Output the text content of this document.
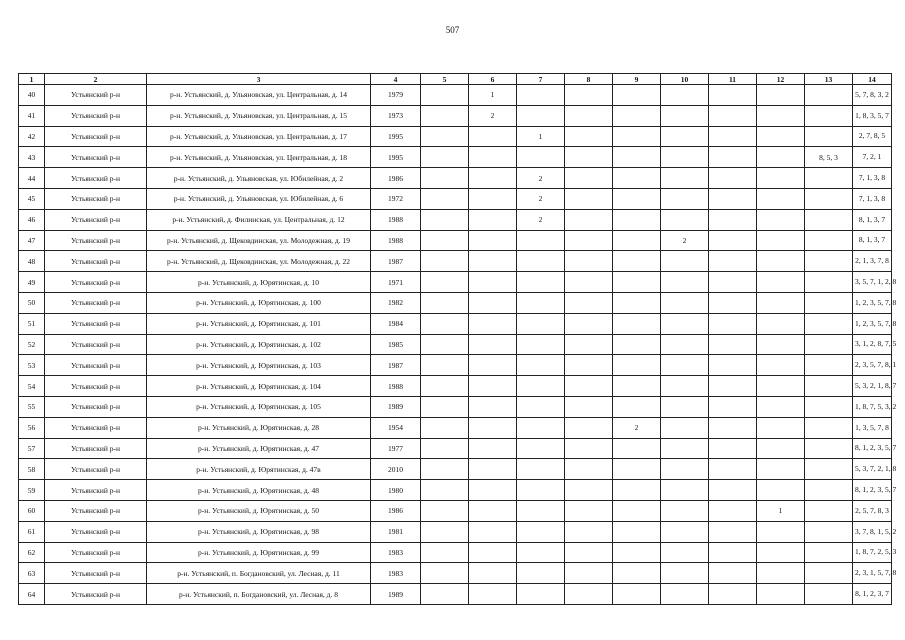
507
1	2	3	4	5	6	7	8	9	10	11	12	13	14
40	Устьянский р-н	р-н. Устьянский, д. Ульяновская, ул. Центральная, д. 14	1979		1								5, 7, 8, 3, 2
41	Устьянский р-н	р-н. Устьянский, д. Ульяновская, ул. Центральная, д. 15	1973		2								1, 8, 3, 5, 7
42	Устьянский р-н	р-н. Устьянский, д. Ульяновская, ул. Центральная, д. 17	1995			1							2, 7, 8, 5
43	Устьянский р-н	р-н. Устьянский, д. Ульяновская, ул. Центральная, д. 18	1995									8, 5, 3	7, 2, 1
44	Устьянский р-н	р-н. Устьянский, д. Ульяновская, ул. Юбилейная, д. 2	1986			2							7, 1, 3, 8
45	Устьянский р-н	р-н. Устьянский, д. Ульяновская, ул. Юбилейная, д. 6	1972			2							7, 1, 3, 8
46	Устьянский р-н	р-н. Устьянский, д. Филинская, ул. Центральная, д. 12	1988			2							8, 1, 3, 7
47	Устьянский р-н	р-н. Устьянский, д. Щековдинская, ул. Молодежная, д. 19	1988						2				8, 1, 3, 7
48	Устьянский р-н	р-н. Устьянский, д. Щековдинская, ул. Молодежная, д. 22	1987										2, 1, 3, 7, 8
49	Устьянский р-н	р-н. Устьянский, д. Юрятинская, д. 10	1971										3, 5, 7, 1, 2, 8
50	Устьянский р-н	р-н. Устьянский, д. Юрятинская, д. 100	1982										1, 2, 3, 5, 7, 8
51	Устьянский р-н	р-н. Устьянский, д. Юрятинская, д. 101	1984										1, 2, 3, 5, 7, 8
52	Устьянский р-н	р-н. Устьянский, д. Юрятинская, д. 102	1985										3, 1, 2, 8, 7, 5
53	Устьянский р-н	р-н. Устьянский, д. Юрятинская, д. 103	1987										2, 3, 5, 7, 8, 1
54	Устьянский р-н	р-н. Устьянский, д. Юрятинская, д. 104	1988										5, 3, 2, 1, 8, 7
55	Устьянский р-н	р-н. Устьянский, д. Юрятинская, д. 105	1989										1, 8, 7, 5, 3, 2
56	Устьянский р-н	р-н. Устьянский, д. Юрятинская, д. 28	1954					2					1, 3, 5, 7, 8
57	Устьянский р-н	р-н. Устьянский, д. Юрятинская, д. 47	1977										8, 1, 2, 3, 5, 7
58	Устьянский р-н	р-н. Устьянский, д. Юрятинская, д. 47в	2010										5, 3, 7, 2, 1, 8
59	Устьянский р-н	р-н. Устьянский, д. Юрятинская, д. 48	1980										8, 1, 2, 3, 5, 7
60	Устьянский р-н	р-н. Устьянский, д. Юрятинская, д. 50	1986								1		2, 5, 7, 8, 3
61	Устьянский р-н	р-н. Устьянский, д. Юрятинская, д. 98	1981										3, 7, 8, 1, 5, 2
62	Устьянский р-н	р-н. Устьянский, д. Юрятинская, д. 99	1983										1, 8, 7, 2, 5, 3
63	Устьянский р-н	р-н. Устьянский, п. Богдановский, ул. Лесная, д. 11	1983										2, 3, 1, 5, 7, 8
64	Устьянский р-н	р-н. Устьянский, п. Богдановский, ул. Лесная, д. 8	1989										8, 1, 2, 3, 7
